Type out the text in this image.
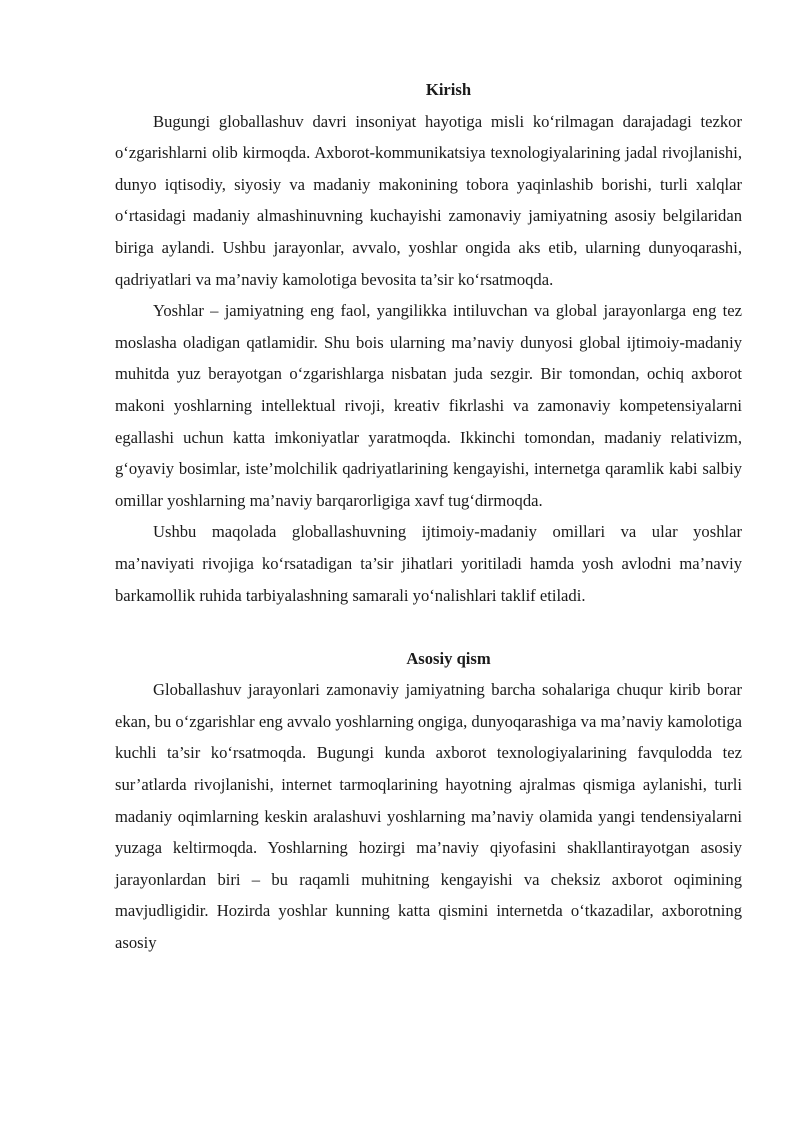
Kirish

Bugungi globallashuv davri insoniyat hayotiga misli ko‘rilmagan darajadagi tezkor o‘zgarishlarni olib kirmoqda. Axborot-kommunikatsiya texnologiyalarining jadal rivojlanishi, dunyo iqtisodiy, siyosiy va madaniy makonining tobora yaqinlashib borishi, turli xalqlar o‘rtasidagi madaniy almashinuvning kuchayishi zamonaviy jamiyatning asosiy belgilaridan biriga aylandi. Ushbu jarayonlar, avvalo, yoshlar ongida aks etib, ularning dunyoqarashi, qadriyatlari va ma’naviy kamolotiga bevosita ta’sir ko‘rsatmoqda.

Yoshlar – jamiyatning eng faol, yangilikka intiluvchan va global jarayonlarga eng tez moslasha oladigan qatlamidir. Shu bois ularning ma’naviy dunyosi global ijtimoiy-madaniy muhitda yuz berayotgan o‘zgarishlarga nisbatan juda sezgir. Bir tomondan, ochiq axborot makoni yoshlarning intellektual rivoji, kreativ fikrlashi va zamonaviy kompetensiyalarni egallashi uchun katta imkoniyatlar yaratmoqda. Ikkinchi tomondan, madaniy relativizm, g‘oyaviy bosimlar, iste’molchilik qadriyatlarining kengayishi, internetga qaramlik kabi salbiy omillar yoshlarning ma’naviy barqarorligiga xavf tug‘dirmoqda.

Ushbu maqolada globallashuvning ijtimoiy-madaniy omillari va ular yoshlar ma’naviyati rivojiga ko‘rsatadigan ta’sir jihatlari yoritiladi hamda yosh avlodni ma’naviy barkamollik ruhida tarbiyalashning samarali yo‘nalishlari taklif etiladi.

Asosiy qism

Globallashuv jarayonlari zamonaviy jamiyatning barcha sohalariga chuqur kirib borar ekan, bu o‘zgarishlar eng avvalo yoshlarning ongiga, dunyoqarashiga va ma’naviy kamolotiga kuchli ta’sir ko‘rsatmoqda. Bugungi kunda axborot texnologiyalarining favqulodda tez sur’atlarda rivojlanishi, internet tarmoqlarining hayotning ajralmas qismiga aylanishi, turli madaniy oqimlarning keskin aralashuvi yoshlarning ma’naviy olamida yangi tendensiyalarni yuzaga keltirmoqda. Yoshlarning hozirgi ma’naviy qiyofasini shakllantirayotgan asosiy jarayonlardan biri – bu raqamli muhitning kengayishi va cheksiz axborot oqimining mavjudligidir. Hozirda yoshlar kunning katta qismini internetda o‘tkazadilar, axborotning asosiy
